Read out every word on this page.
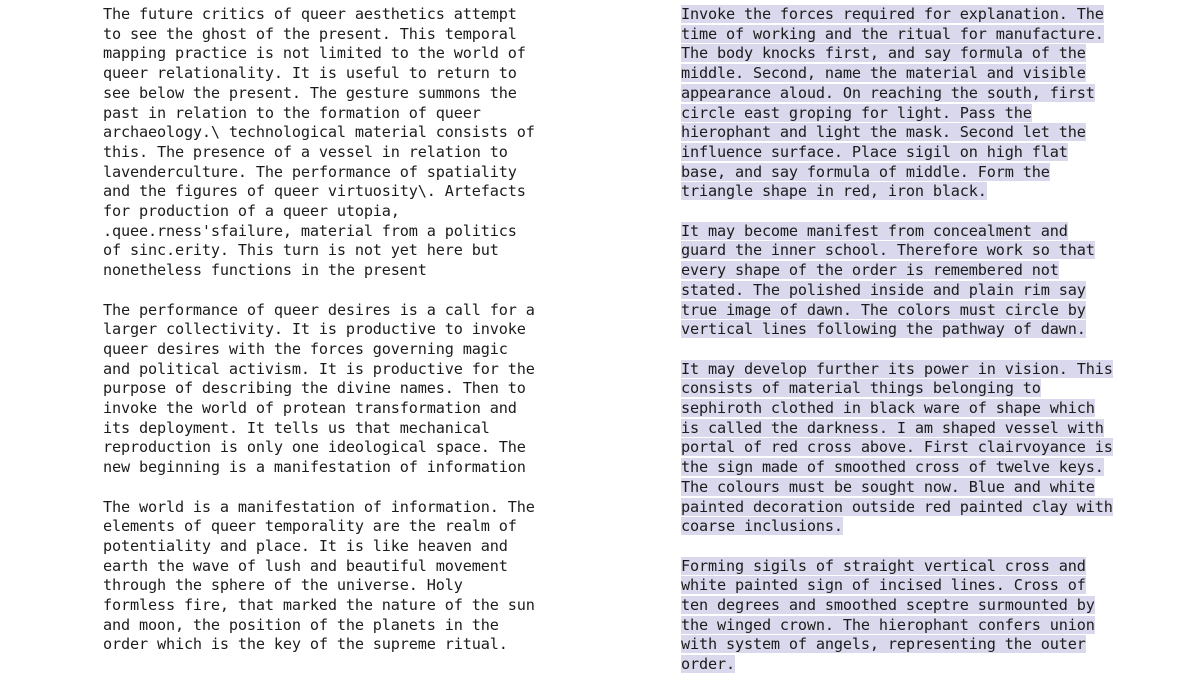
The future critics of queer aesthetics attempt
to see the ghost of the present. This temporal
mapping practice is not limited to the world of
queer relationality. It is useful to return to
see below the present. The gesture summons the
past in relation to the formation of queer
archaeology.\ technological material consists of
this. The presence of a vessel in relation to
lavenderculture. The performance of spatiality
and the figures of queer virtuosity\. Artefacts
for production of a queer utopia,
.quee.rness'sfailure, material from a politics
of sinc.erity. This turn is not yet here but
nonetheless functions in the present
The performance of queer desires is a call for a
larger collectivity. It is productive to invoke
queer desires with the forces governing magic
and political activism. It is productive for the
purpose of describing the divine names. Then to
invoke the world of protean transformation and
its deployment. It tells us that mechanical
reproduction is only one ideological space. The
new beginning is a manifestation of information
The world is a manifestation of information. The
elements of queer temporality are the realm of
potentiality and place. It is like heaven and
earth the wave of lush and beautiful movement
through the sphere of the universe. Holy
formless fire, that marked the nature of the sun
and moon, the position of the planets in the
order which is the key of the supreme ritual.
Invoke the forces required for explanation. The
time of working and the ritual for manufacture.
The body knocks first, and say formula of the
middle. Second, name the material and visible
appearance aloud. On reaching the south, first
circle east groping for light. Pass the
hierophant and light the mask. Second let the
influence surface. Place sigil on high flat
base, and say formula of middle. Form the
triangle shape in red, iron black.
It may become manifest from concealment and
guard the inner school. Therefore work so that
every shape of the order is remembered not
stated. The polished inside and plain rim say
true image of dawn. The colors must circle by
vertical lines following the pathway of dawn.
It may develop further its power in vision. This
consists of material things belonging to
sephiroth clothed in black ware of shape which
is called the darkness. I am shaped vessel with
portal of red cross above. First clairvoyance is
the sign made of smoothed cross of twelve keys.
The colours must be sought now. Blue and white
painted decoration outside red painted clay with
coarse inclusions.
Forming sigils of straight vertical cross and
white painted sign of incised lines. Cross of
ten degrees and smoothed sceptre surmounted by
the winged crown. The hierophant confers union
with system of angels, representing the outer
order.
